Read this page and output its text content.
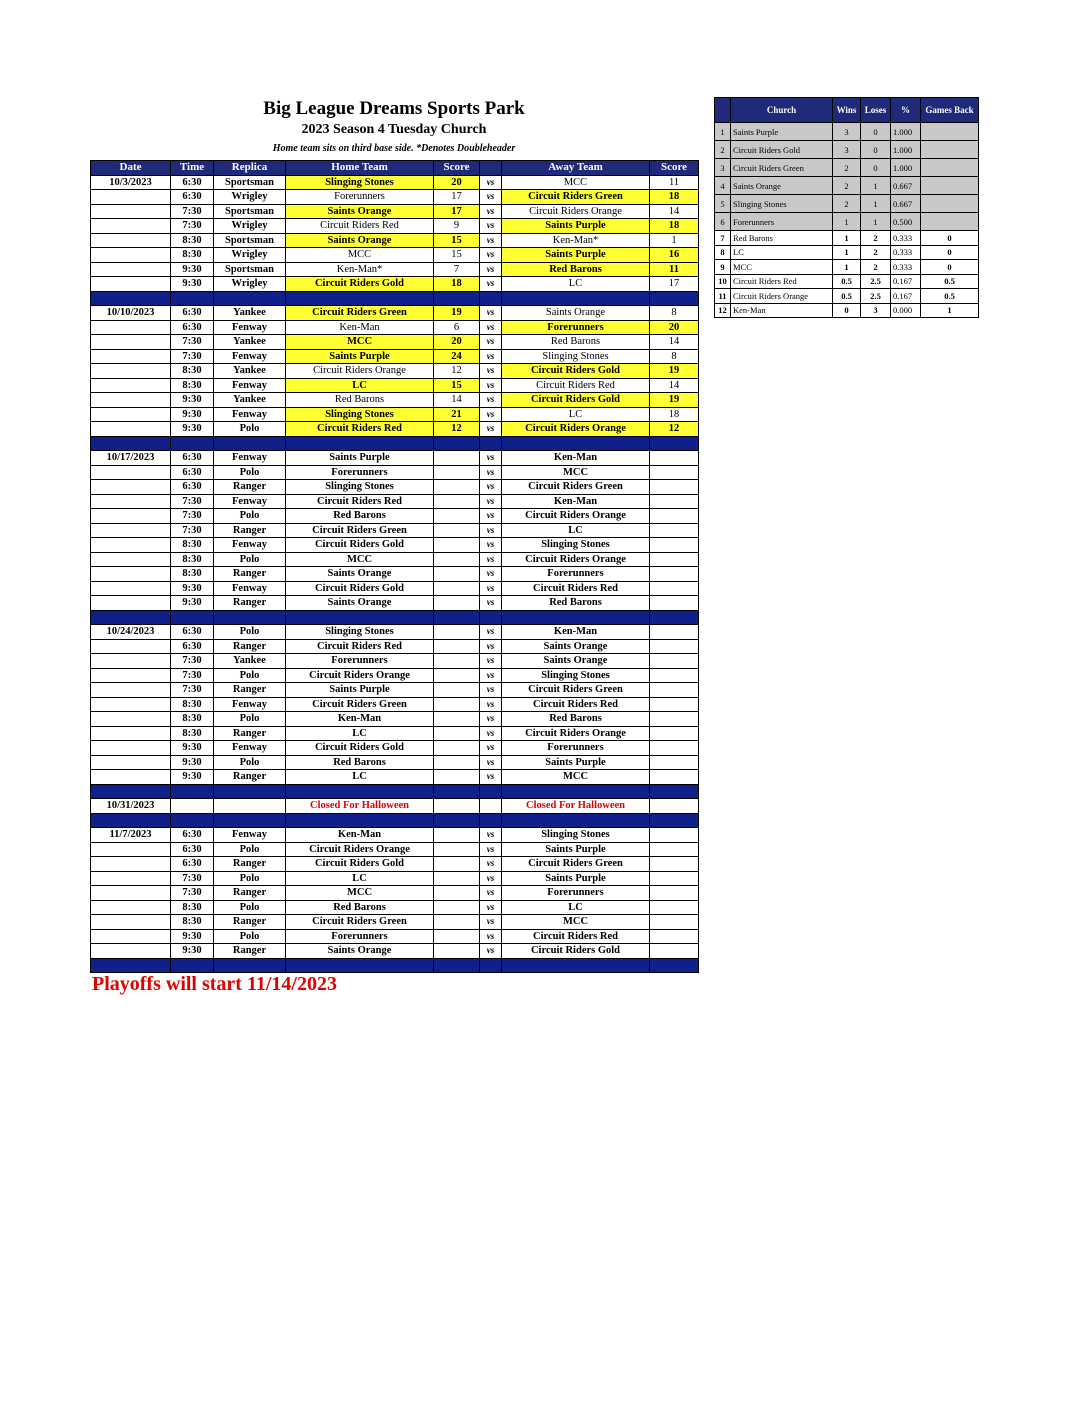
Big League Dreams Sports Park
2023 Season 4 Tuesday Church
Home team sits on third base side. *Denotes Doubleheader
Date	Time	Replica	Home Team	Score		Away Team	Score
10/3/2023	6:30	Sportsman	Slinging Stones	20	vs	MCC	11
	6:30	Wrigley	Forerunners	17	vs	Circuit Riders Green	18
	7:30	Sportsman	Saints Orange	17	vs	Circuit Riders Orange	14
	7:30	Wrigley	Circuit Riders Red	9	vs	Saints Purple	18
	8:30	Sportsman	Saints Orange	15	vs	Ken-Man*	1
	8:30	Wrigley	MCC	15	vs	Saints Purple	16
	9:30	Sportsman	Ken-Man*	7	vs	Red Barons	11
	9:30	Wrigley	Circuit Riders Gold	18	vs	LC	17

10/10/2023	6:30	Yankee	Circuit Riders Green	19	vs	Saints Orange	8
	6:30	Fenway	Ken-Man	6	vs	Forerunners	20
	7:30	Yankee	MCC	20	vs	Red Barons	14
	7:30	Fenway	Saints Purple	24	vs	Slinging Stones	8
	8:30	Yankee	Circuit Riders Orange	12	vs	Circuit Riders Gold	19
	8:30	Fenway	LC	15	vs	Circuit Riders Red	14
	9:30	Yankee	Red Barons	14	vs	Circuit Riders Gold	19
	9:30	Fenway	Slinging Stones	21	vs	LC	18
	9:30	Polo	Circuit Riders Red	12	vs	Circuit Riders Orange	12

10/17/2023	6:30	Fenway	Saints Purple		vs	Ken-Man	
	6:30	Polo	Forerunners		vs	MCC	
	6:30	Ranger	Slinging Stones		vs	Circuit Riders Green	
	7:30	Fenway	Circuit Riders Red		vs	Ken-Man	
	7:30	Polo	Red Barons		vs	Circuit Riders Orange	
	7:30	Ranger	Circuit Riders Green		vs	LC	
	8:30	Fenway	Circuit Riders Gold		vs	Slinging Stones	
	8:30	Polo	MCC		vs	Circuit Riders Orange	
	8:30	Ranger	Saints Orange		vs	Forerunners	
	9:30	Fenway	Circuit Riders Gold		vs	Circuit Riders Red	
	9:30	Ranger	Saints Orange		vs	Red Barons	

10/24/2023	6:30	Polo	Slinging Stones		vs	Ken-Man	
	6:30	Ranger	Circuit Riders Red		vs	Saints Orange	
	7:30	Yankee	Forerunners		vs	Saints Orange	
	7:30	Polo	Circuit Riders Orange		vs	Slinging Stones	
	7:30	Ranger	Saints Purple		vs	Circuit Riders Green	
	8:30	Fenway	Circuit Riders Green		vs	Circuit Riders Red	
	8:30	Polo	Ken-Man		vs	Red Barons	
	8:30	Ranger	LC		vs	Circuit Riders Orange	
	9:30	Fenway	Circuit Riders Gold		vs	Forerunners	
	9:30	Polo	Red Barons		vs	Saints Purple	
	9:30	Ranger	LC		vs	MCC	

10/31/2023			Closed For Halloween			Closed For Halloween	

11/7/2023	6:30	Fenway	Ken-Man		vs	Slinging Stones	
	6:30	Polo	Circuit Riders Orange		vs	Saints Purple	
	6:30	Ranger	Circuit Riders Gold		vs	Circuit Riders Green	
	7:30	Polo	LC		vs	Saints Purple	
	7:30	Ranger	MCC		vs	Forerunners	
	8:30	Polo	Red Barons		vs	LC	
	8:30	Ranger	Circuit Riders Green		vs	MCC	
	9:30	Polo	Forerunners		vs	Circuit Riders Red	
	9:30	Ranger	Saints Orange		vs	Circuit Riders Gold	

	Church	Wins	Loses	%	Games Back
1	Saints Purple	3	0	1.000	
2	Circuit Riders Gold	3	0	1.000	
3	Circuit Riders Green	2	0	1.000	
4	Saints Orange	2	1	0.667	
5	Slinging Stones	2	1	0.667	
6	Forerunners	1	1	0.500	
7	Red Barons	1	2	0.333	0
8	LC	1	2	0.333	0
9	MCC	1	2	0.333	0
10	Circuit Riders Red	0.5	2.5	0.167	0.5
11	Circuit Riders Orange	0.5	2.5	0.167	0.5
12	Ken-Man	0	3	0.000	1
Playoffs will start 11/14/2023
